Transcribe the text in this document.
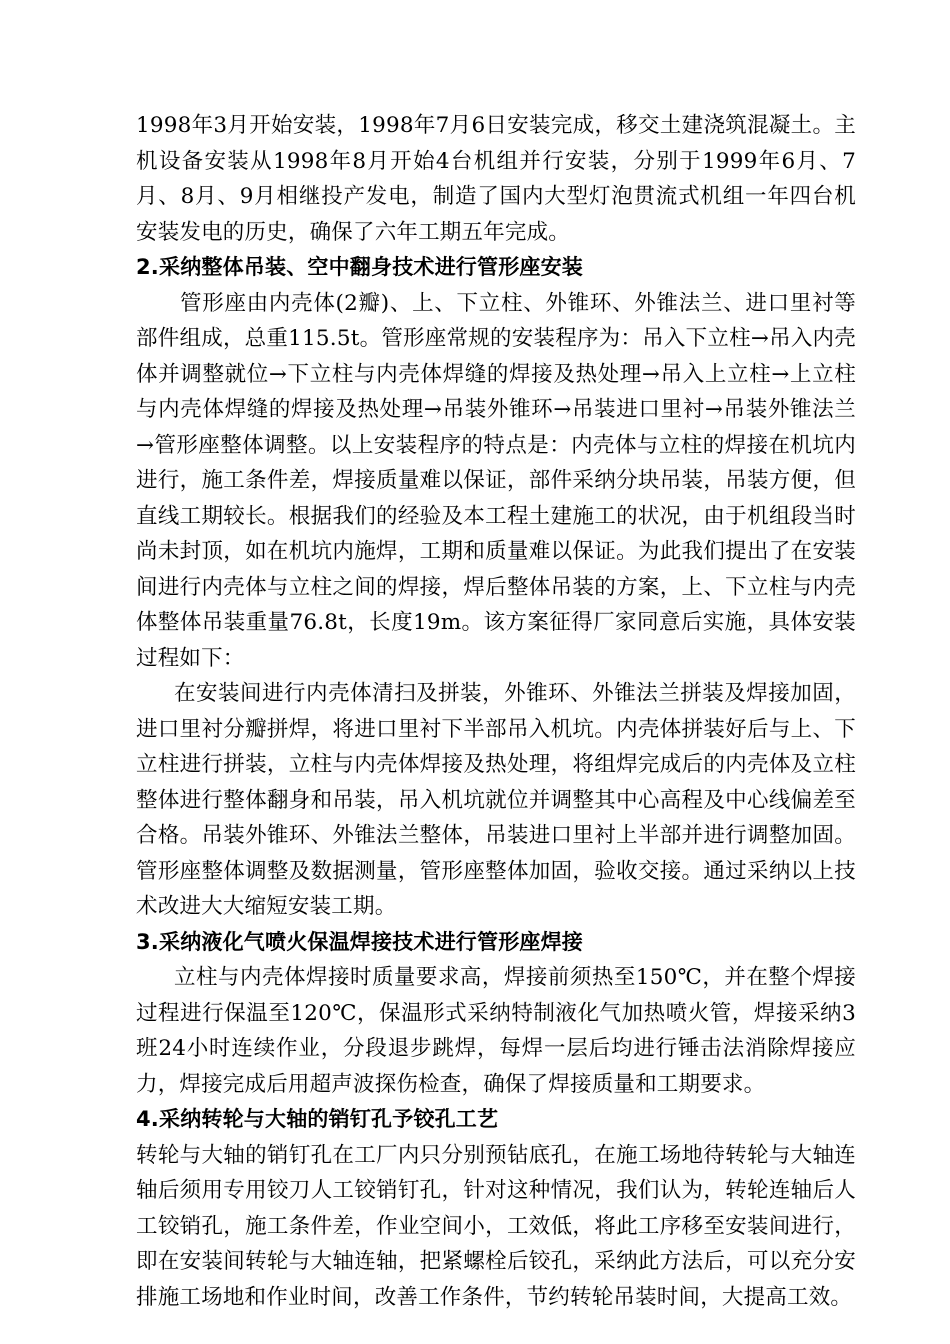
1998年3月开始安装，1998年7月6日安装完成，移交土建浇筑混凝土。主机设备安装从1998年8月开始4台机组并行安装，分别于1999年6月、7月、8月、9月相继投产发电，制造了国内大型灯泡贯流式机组一年四台机安装发电的历史，确保了六年工期五年完成。

2.采纳整体吊装、空中翻身技术进行管形座安装

管形座由内壳体(2瓣)、上、下立柱、外锥环、外锥法兰、进口里衬等部件组成，总重115.5t。管形座常规的安装程序为：吊入下立柱→吊入内壳体并调整就位→下立柱与内壳体焊缝的焊接及热处理→吊入上立柱→上立柱与内壳体焊缝的焊接及热处理→吊装外锥环→吊装进口里衬→吊装外锥法兰→管形座整体调整。以上安装程序的特点是：内壳体与立柱的焊接在机坑内进行，施工条件差，焊接质量难以保证，部件采纳分块吊装，吊装方便，但直线工期较长。根据我们的经验及本工程土建施工的状况，由于机组段当时尚未封顶，如在机坑内施焊，工期和质量难以保证。为此我们提出了在安装间进行内壳体与立柱之间的焊接，焊后整体吊装的方案，上、下立柱与内壳体整体吊装重量76.8t，长度19m。该方案征得厂家同意后实施，具体安装过程如下：

在安装间进行内壳体清扫及拼装，外锥环、外锥法兰拼装及焊接加固，进口里衬分瓣拼焊，将进口里衬下半部吊入机坑。内壳体拼装好后与上、下立柱进行拼装，立柱与内壳体焊接及热处理，将组焊完成后的内壳体及立柱整体进行整体翻身和吊装，吊入机坑就位并调整其中心高程及中心线偏差至合格。吊装外锥环、外锥法兰整体，吊装进口里衬上半部并进行调整加固。管形座整体调整及数据测量，管形座整体加固，验收交接。通过采纳以上技术改进大大缩短安装工期。

3.采纳液化气喷火保温焊接技术进行管形座焊接

立柱与内壳体焊接时质量要求高，焊接前须热至150℃，并在整个焊接过程进行保温至120℃，保温形式采纳特制液化气加热喷火管，焊接采纳3班24小时连续作业，分段退步跳焊，每焊一层后均进行锤击法消除焊接应力，焊接完成后用超声波探伤检查，确保了焊接质量和工期要求。

4.采纳转轮与大轴的销钉孔予铰孔工艺

转轮与大轴的销钉孔在工厂内只分别预钻底孔，在施工场地待转轮与大轴连轴后须用专用铰刀人工铰销钉孔，针对这种情况，我们认为，转轮连轴后人工铰销孔，施工条件差，作业空间小，工效低，将此工序移至安装间进行，即在安装间转轮与大轴连轴，把紧螺栓后铰孔，采纳此方法后，可以充分安排施工场地和作业时间，改善工作条件，节约转轮吊装时间，大提高工效。
